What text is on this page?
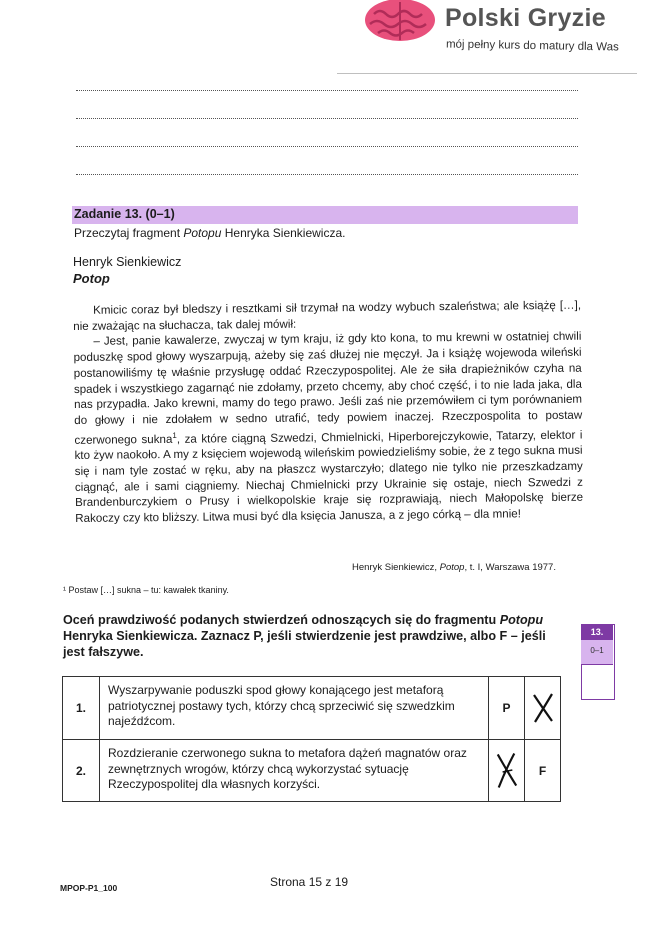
Polski Gryzie
mój pełny kurs do matury dla Was
Zadanie 13. (0–1)
Przeczytaj fragment Potopu Henryka Sienkiewicza.
Henryk Sienkiewicz
Potop

Kmicic coraz był bledszy i resztkami sił trzymał na wodzy wybuch szaleństwa; ale książę […], nie zważając na słuchacza, tak dalej mówił:

– Jest, panie kawalerze, zwyczaj w tym kraju, iż gdy kto kona, to mu krewni w ostatniej chwili poduszkę spod głowy wyszarpują, ażeby się zaś dłużej nie męczył. Ja i książę wojewoda wileński postanowiliśmy tę właśnie przysługę oddać Rzeczypospolitej. Ale że siła drapieżników czyha na spadek i wszystkiego zagarnąć nie zdołamy, przeto chcemy, aby choć część, i to nie lada jaka, dla nas przypadła. Jako krewni, mamy do tego prawo. Jeśli zaś nie przemówiłem ci tym porównaniem do głowy i nie zdołałem w sedno utrafić, tedy powiem inaczej. Rzeczpospolita to postaw czerwonego sukna$^1$, za które ciągną Szwedzi, Chmielnicki, Hiperborejczykowie, Tatarzy, elektor i kto żyw naokoło. A my z księciem wojewodą wileńskim powiedzieliśmy sobie, że z tego sukna musi się i nam tyle zostać w ręku, aby na płaszcz wystarczyło; dlatego nie tylko nie przeszkadzamy ciągnąć, ale i sami ciągniemy. Niechaj Chmielnicki przy Ukrainie się ostaje, niech Szwedzi z Brandenburczykiem o Prusy i wielkopolskie kraje się rozprawiają, niech Małopolskę bierze Rakoczy czy kto bliższy. Litwa musi być dla księcia Janusza, a z jego córką – dla mnie!

Henryk Sienkiewicz, Potop, t. I, Warszawa 1977.
¹ Postaw […] sukna – tu: kawałek tkaniny.
Oceń prawdziwość podanych stwierdzeń odnoszących się do fragmentu Potopu Henryka Sienkiewicza. Zaznacz P, jeśli stwierdzenie jest prawdziwe, albo F – jeśli jest fałszywe.
13.
0–1
1.
Wyszarpywanie poduszki spod głowy konającego jest metaforą patriotycznej postawy tych, którzy chcą sprzeciwić się szwedzkim najeźdźcom.
P
2.
Rozdzieranie czerwonego sukna to metafora dążeń magnatów oraz zewnętrznych wrogów, którzy chcą wykorzystać sytuację Rzeczypospolitej dla własnych korzyści.
F
Strona 15 z 19
MPOP-P1_100
